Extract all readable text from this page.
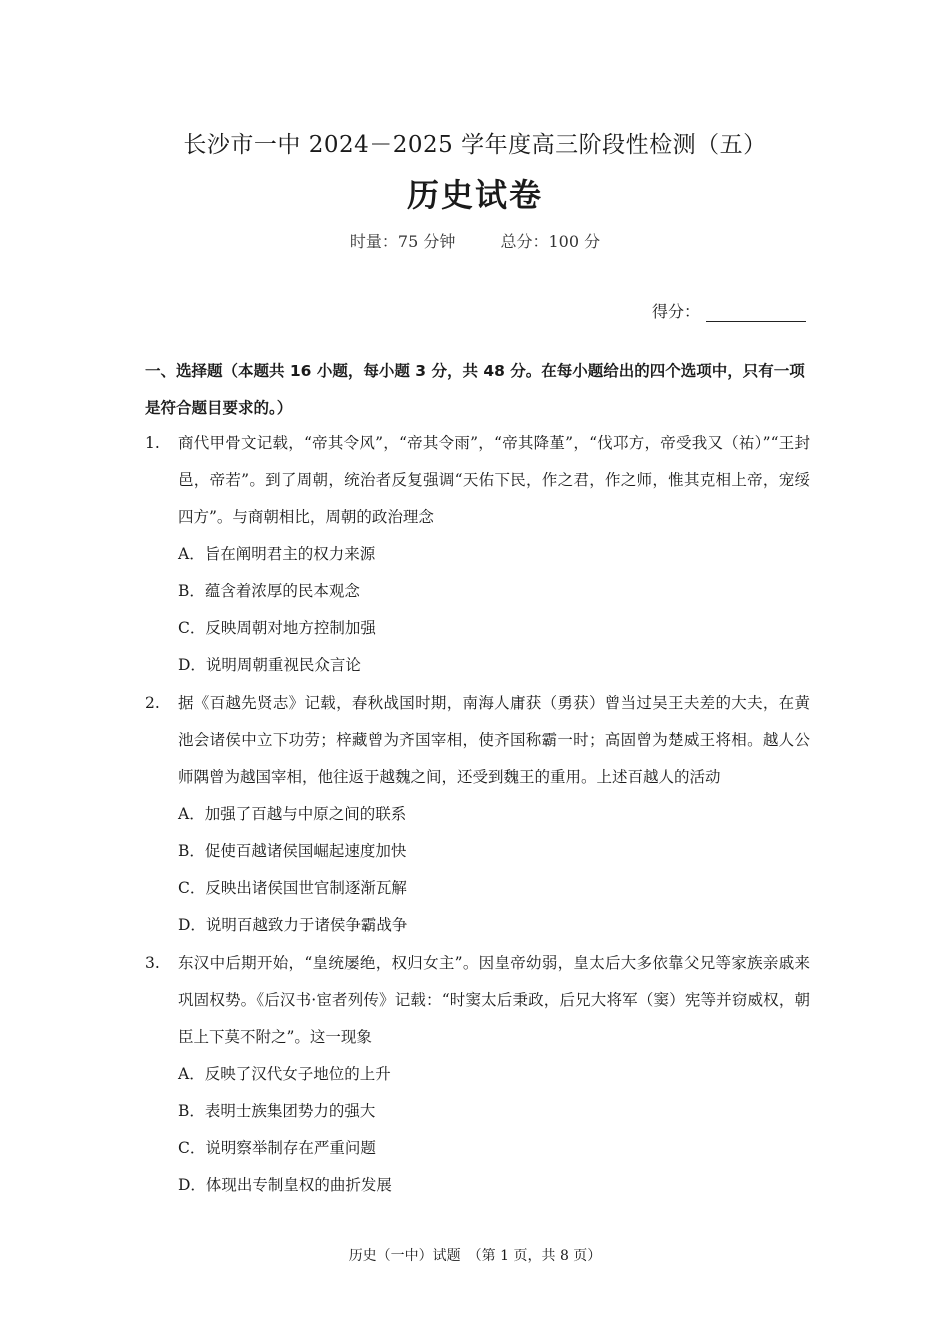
长沙市一中 2024－2025 学年度高三阶段性检测（五）
历史试卷
时量：75 分钟	总分：100 分
得分：
一、选择题（本题共 16 小题，每小题 3 分，共 48 分。在每小题给出的四个选项中，只有一项是符合题目要求的。）
1. 商代甲骨文记载，“帝其令风”，“帝其令雨”，“帝其降堇”，“伐邛方，帝受我又（祐）”“王封邑，帝若”。到了周朝，统治者反复强调“天佑下民，作之君，作之师，惟其克相上帝，宠绥四方”。与商朝相比，周朝的政治理念
A．旨在阐明君主的权力来源
B．蕴含着浓厚的民本观念
C．反映周朝对地方控制加强
D．说明周朝重视民众言论
2. 据《百越先贤志》记载，春秋战国时期，南海人庸获（勇获）曾当过吴王夫差的大夫，在黄池会诸侯中立下功劳；梓藏曾为齐国宰相，使齐国称霸一时；高固曾为楚威王将相。越人公师隅曾为越国宰相，他往返于越魏之间，还受到魏王的重用。上述百越人的活动
A．加强了百越与中原之间的联系
B．促使百越诸侯国崛起速度加快
C．反映出诸侯国世官制逐渐瓦解
D．说明百越致力于诸侯争霸战争
3. 东汉中后期开始，“皇统屡绝，权归女主”。因皇帝幼弱，皇太后大多依靠父兄等家族亲戚来巩固权势。《后汉书·宦者列传》记载：“时窦太后秉政，后兄大将军（窦）宪等并窃威权，朝臣上下莫不附之”。这一现象
A．反映了汉代女子地位的上升
B．表明士族集团势力的强大
C．说明察举制存在严重问题
D．体现出专制皇权的曲折发展
历史（一中）试题　（第 1 页，共 8 页）
